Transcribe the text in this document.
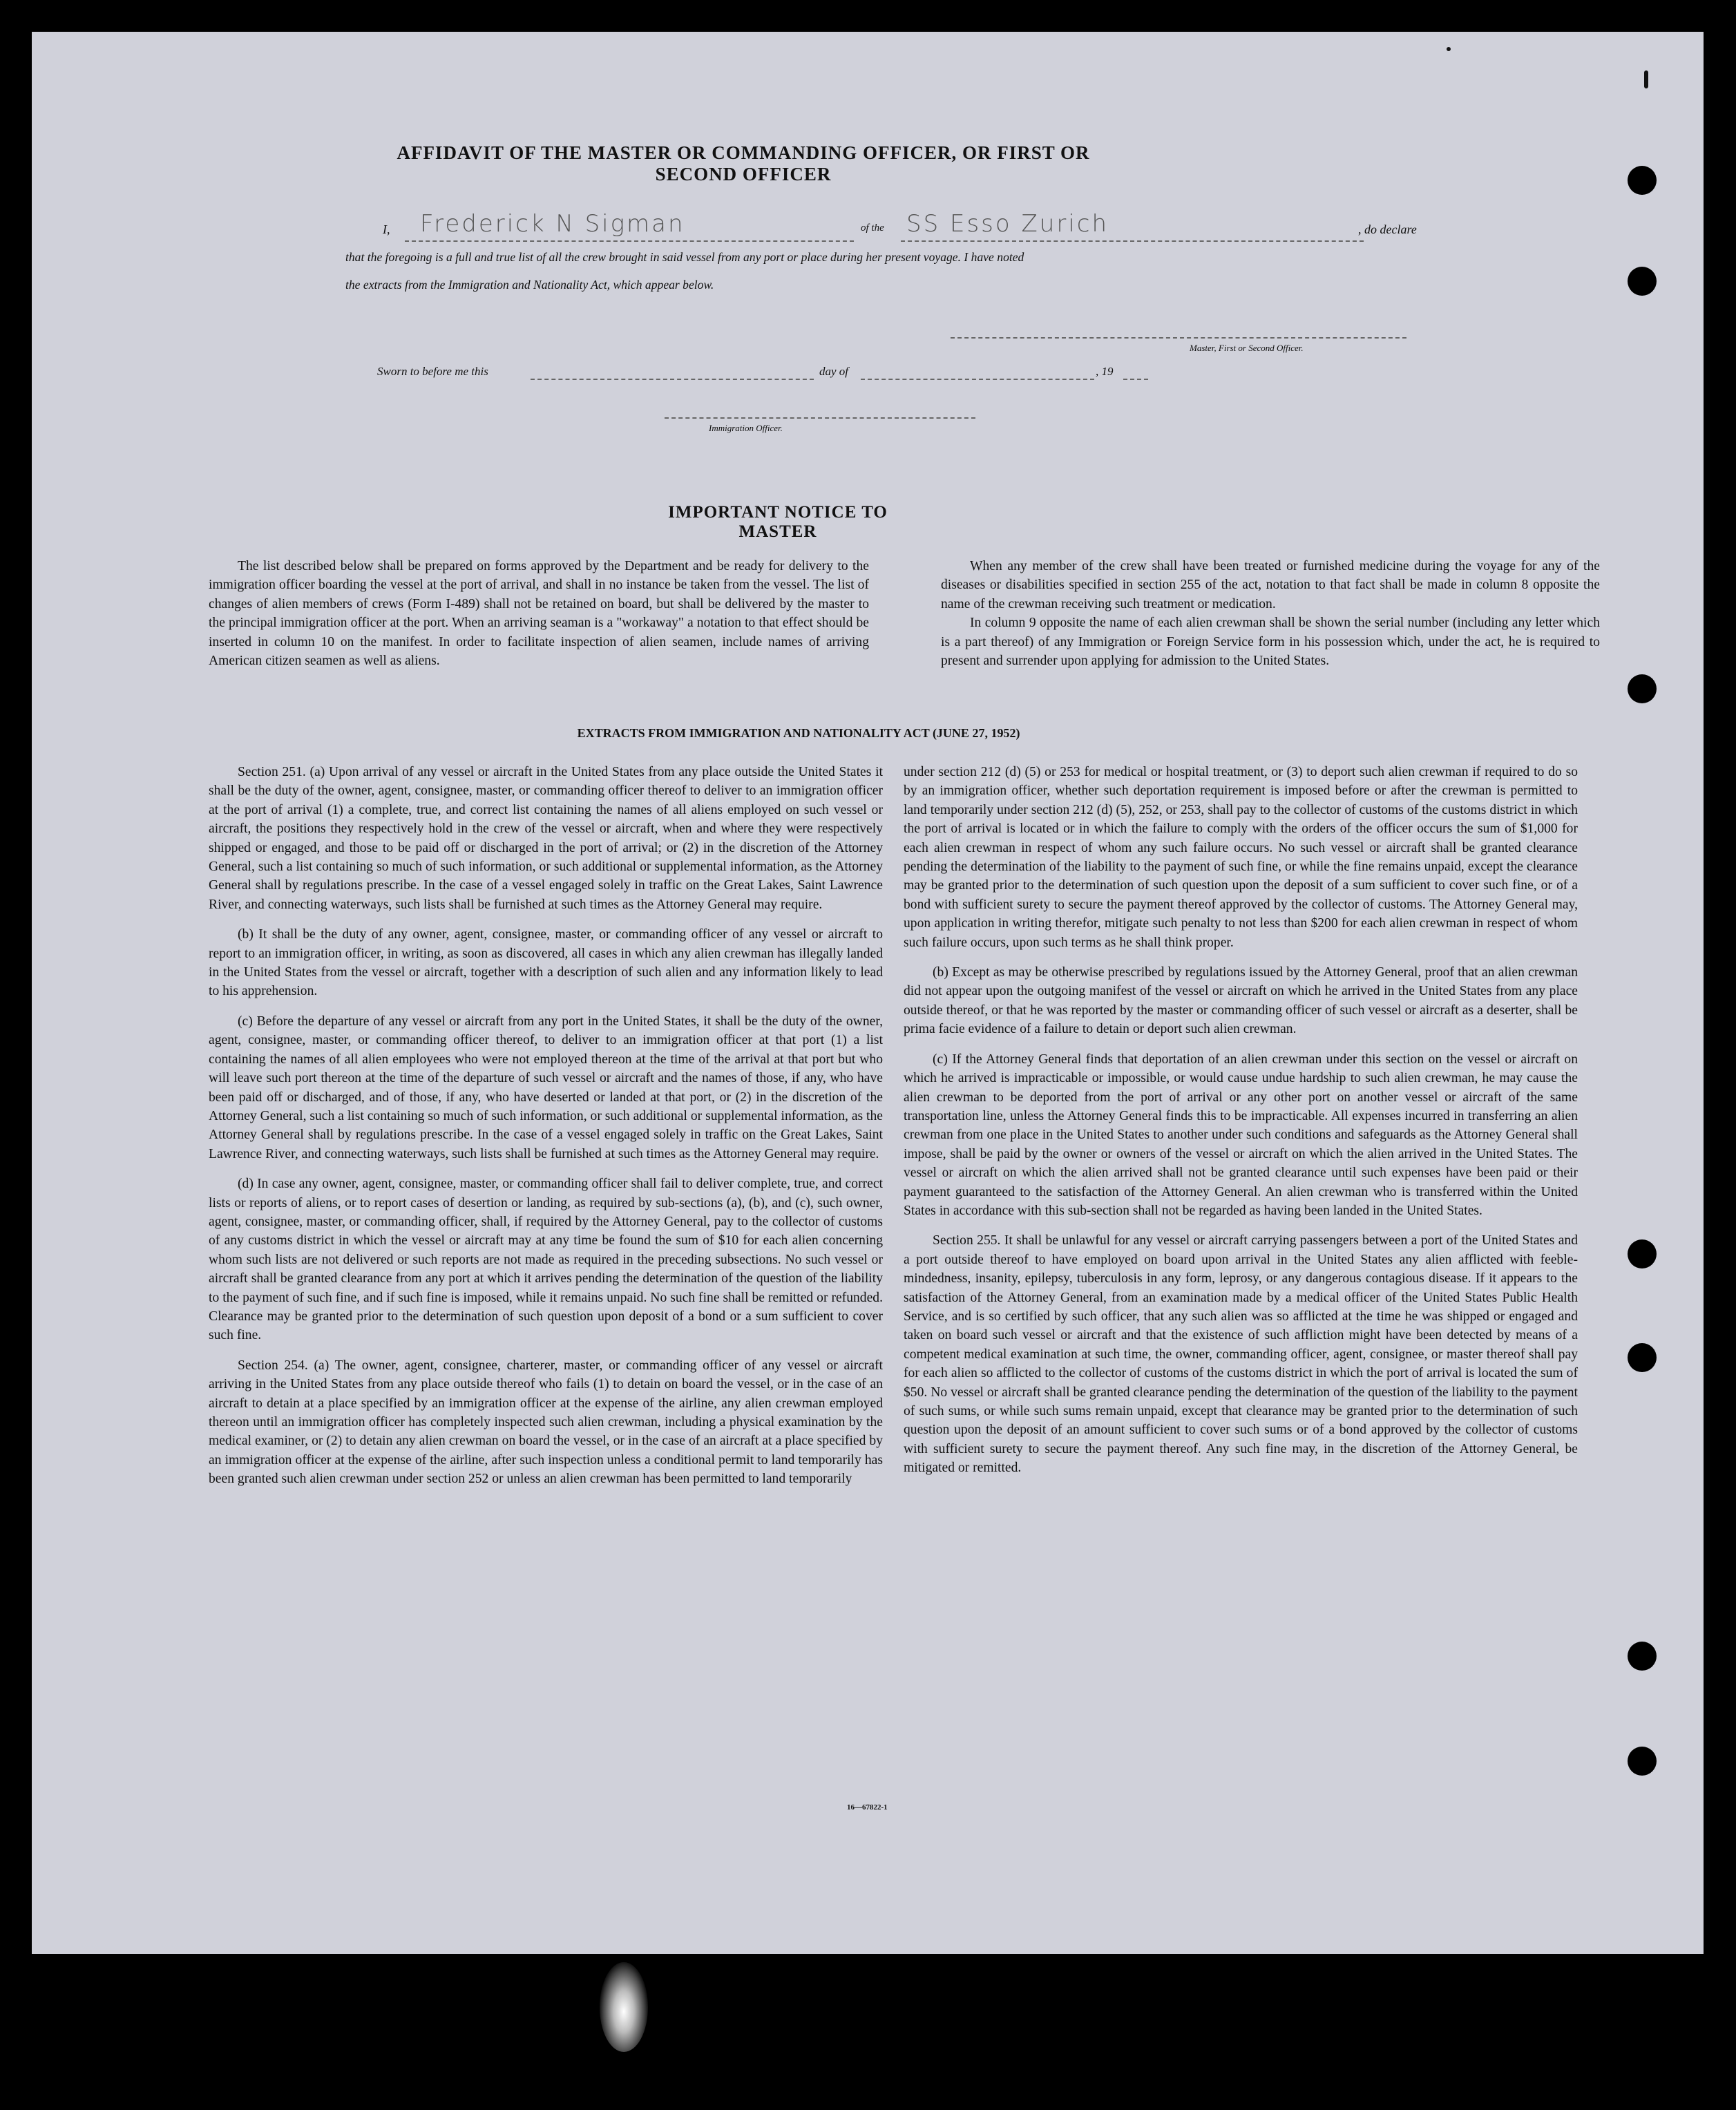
AFFIDAVIT OF THE MASTER OR COMMANDING OFFICER, OR FIRST OR SECOND OFFICER
I, Frederick N Sigman	of the SS Esso Zurich	, do declare
that the foregoing is a full and true list of all the crew brought in said vessel from any port or place during her present voyage. I have noted
the extracts from the Immigration and Nationality Act, which appear below.
Master, First or Second Officer.
Sworn to before me this	day of	, 19
Immigration Officer.
IMPORTANT NOTICE TO MASTER

The list described below shall be prepared on forms approved by the Department and be ready for delivery to the immigration officer boarding the vessel at the port of arrival, and shall in no instance be taken from the vessel. The list of changes of alien members of crews (Form I-489) shall not be retained on board, but shall be delivered by the master to the principal immigration officer at the port. When an arriving seaman is a "workaway" a notation to that effect should be inserted in column 10 on the manifest. In order to facilitate inspection of alien seamen, include names of arriving American citizen seamen as well as aliens.

When any member of the crew shall have been treated or furnished medicine during the voyage for any of the diseases or disabilities specified in section 255 of the act, notation to that fact shall be made in column 8 opposite the name of the crewman receiving such treatment or medication.

In column 9 opposite the name of each alien crewman shall be shown the serial number (including any letter which is a part thereof) of any Immigration or Foreign Service form in his possession which, under the act, he is required to present and surrender upon applying for admission to the United States.

EXTRACTS FROM IMMIGRATION AND NATIONALITY ACT (JUNE 27, 1952)

Section 251. (a) Upon arrival of any vessel or aircraft in the United States from any place outside the United States it shall be the duty of the owner, agent, consignee, master, or commanding officer thereof to deliver to an immigration officer at the port of arrival (1) a complete, true, and correct list containing the names of all aliens employed on such vessel or aircraft, the positions they respectively hold in the crew of the vessel or aircraft, when and where they were respectively shipped or engaged, and those to be paid off or discharged in the port of arrival; or (2) in the discretion of the Attorney General, such a list containing so much of such information, or such additional or supplemental information, as the Attorney General shall by regulations prescribe. In the case of a vessel engaged solely in traffic on the Great Lakes, Saint Lawrence River, and connecting waterways, such lists shall be furnished at such times as the Attorney General may require.

(b) It shall be the duty of any owner, agent, consignee, master, or commanding officer of any vessel or aircraft to report to an immigration officer, in writing, as soon as discovered, all cases in which any alien crewman has illegally landed in the United States from the vessel or aircraft, together with a description of such alien and any information likely to lead to his apprehension.

(c) Before the departure of any vessel or aircraft from any port in the United States, it shall be the duty of the owner, agent, consignee, master, or commanding officer thereof, to deliver to an immigration officer at that port (1) a list containing the names of all alien employees who were not employed thereon at the time of the arrival at that port but who will leave such port thereon at the time of the departure of such vessel or aircraft and the names of those, if any, who have been paid off or discharged, and of those, if any, who have deserted or landed at that port, or (2) in the discretion of the Attorney General, such a list containing so much of such information, or such additional or supplemental information, as the Attorney General shall by regulations prescribe. In the case of a vessel engaged solely in traffic on the Great Lakes, Saint Lawrence River, and connecting waterways, such lists shall be furnished at such times as the Attorney General may require.

(d) In case any owner, agent, consignee, master, or commanding officer shall fail to deliver complete, true, and correct lists or reports of aliens, or to report cases of desertion or landing, as required by sub-sections (a), (b), and (c), such owner, agent, consignee, master, or commanding officer, shall, if required by the Attorney General, pay to the collector of customs of any customs district in which the vessel or aircraft may at any time be found the sum of $10 for each alien concerning whom such lists are not delivered or such reports are not made as required in the preceding subsections. No such vessel or aircraft shall be granted clearance from any port at which it arrives pending the determination of the question of the liability to the payment of such fine, and if such fine is imposed, while it remains unpaid. No such fine shall be remitted or refunded. Clearance may be granted prior to the determination of such question upon deposit of a bond or a sum sufficient to cover such fine.

Section 254. (a) The owner, agent, consignee, charterer, master, or commanding officer of any vessel or aircraft arriving in the United States from any place outside thereof who fails (1) to detain on board the vessel, or in the case of an aircraft to detain at a place specified by an immigration officer at the expense of the airline, any alien crewman employed thereon until an immigration officer has completely inspected such alien crewman, including a physical examination by the medical examiner, or (2) to detain any alien crewman on board the vessel, or in the case of an aircraft at a place specified by an immigration officer at the expense of the airline, after such inspection unless a conditional permit to land temporarily has been granted such alien crewman under section 252 or unless an alien crewman has been permitted to land temporarily

under section 212 (d) (5) or 253 for medical or hospital treatment, or (3) to deport such alien crewman if required to do so by an immigration officer, whether such deportation requirement is imposed before or after the crewman is permitted to land temporarily under section 212 (d) (5), 252, or 253, shall pay to the collector of customs of the customs district in which the port of arrival is located or in which the failure to comply with the orders of the officer occurs the sum of $1,000 for each alien crewman in respect of whom any such failure occurs. No such vessel or aircraft shall be granted clearance pending the determination of the liability to the payment of such fine, or while the fine remains unpaid, except the clearance may be granted prior to the determination of such question upon the deposit of a sum sufficient to cover such fine, or of a bond with sufficient surety to secure the payment thereof approved by the collector of customs. The Attorney General may, upon application in writing therefor, mitigate such penalty to not less than $200 for each alien crewman in respect of whom such failure occurs, upon such terms as he shall think proper.

(b) Except as may be otherwise prescribed by regulations issued by the Attorney General, proof that an alien crewman did not appear upon the outgoing manifest of the vessel or aircraft on which he arrived in the United States from any place outside thereof, or that he was reported by the master or commanding officer of such vessel or aircraft as a deserter, shall be prima facie evidence of a failure to detain or deport such alien crewman.

(c) If the Attorney General finds that deportation of an alien crewman under this section on the vessel or aircraft on which he arrived is impracticable or impossible, or would cause undue hardship to such alien crewman, he may cause the alien crewman to be deported from the port of arrival or any other port on another vessel or aircraft of the same transportation line, unless the Attorney General finds this to be impracticable. All expenses incurred in transferring an alien crewman from one place in the United States to another under such conditions and safeguards as the Attorney General shall impose, shall be paid by the owner or owners of the vessel or aircraft on which the alien arrived in the United States. The vessel or aircraft on which the alien arrived shall not be granted clearance until such expenses have been paid or their payment guaranteed to the satisfaction of the Attorney General. An alien crewman who is transferred within the United States in accordance with this sub-section shall not be regarded as having been landed in the United States.

Section 255. It shall be unlawful for any vessel or aircraft carrying passengers between a port of the United States and a port outside thereof to have employed on board upon arrival in the United States any alien afflicted with feeble-mindedness, insanity, epilepsy, tuberculosis in any form, leprosy, or any dangerous contagious disease. If it appears to the satisfaction of the Attorney General, from an examination made by a medical officer of the United States Public Health Service, and is so certified by such officer, that any such alien was so afflicted at the time he was shipped or engaged and taken on board such vessel or aircraft and that the existence of such affliction might have been detected by means of a competent medical examination at such time, the owner, commanding officer, agent, consignee, or master thereof shall pay for each alien so afflicted to the collector of customs of the customs district in which the port of arrival is located the sum of $50. No vessel or aircraft shall be granted clearance pending the determination of the question of the liability to the payment of such sums, or while such sums remain unpaid, except that clearance may be granted prior to the determination of such question upon the deposit of an amount sufficient to cover such sums or of a bond approved by the collector of customs with sufficient surety to secure the payment thereof. Any such fine may, in the discretion of the Attorney General, be mitigated or remitted.

16—67822-1
